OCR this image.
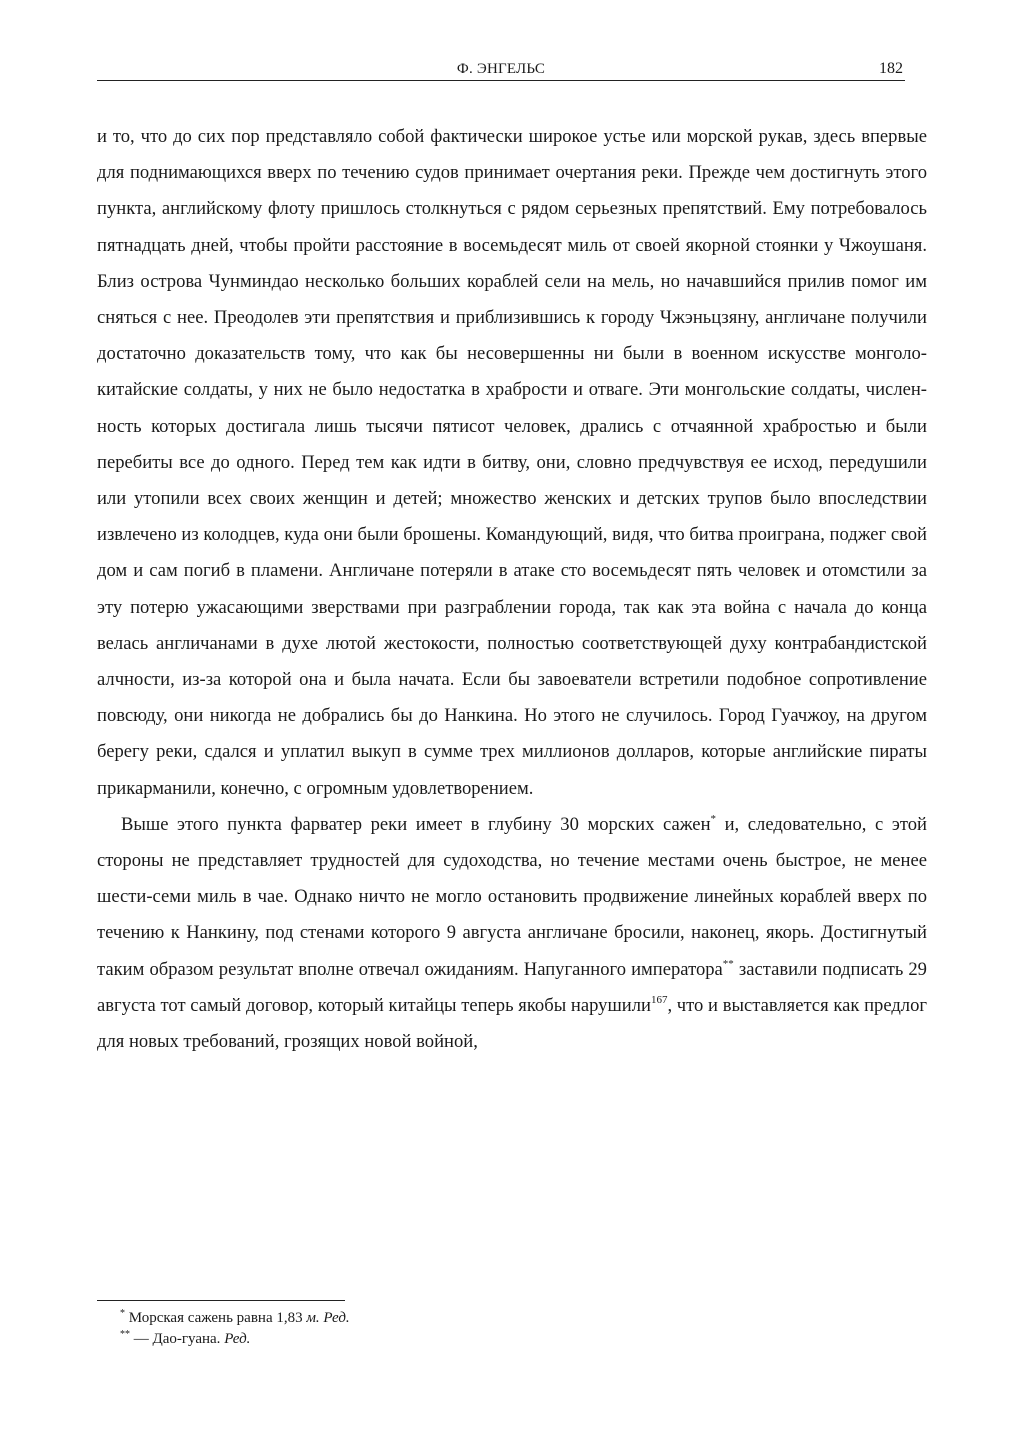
Ф. ЭНГЕЛЬС	182

и то, что до сих пор представляло собой фактически широкое устье или морской рукав, здесь впервые для поднимающихся вверх по течению судов принимает очертания реки. Прежде чем достигнуть этого пункта, английскому флоту пришлось столкнуться с рядом серьезных препятствий. Ему потребовалось пятнадцать дней, чтобы пройти расстояние в восемьдесят миль от своей якорной стоянки у Чжоушаня. Близ острова Чунминдао несколько больших кораблей сели на мель, но начавшийся прилив помог им сняться с нее. Преодолев эти препятствия и приблизившись к городу Чжэньцзяну, англичане получили достаточно доказательств тому, что как бы несовершенны ни были в военном искусстве монголо-китайские солдаты, у них не было недостатка в храбрости и отваге. Эти монгольские солдаты, численность которых достигала лишь тысячи пятисот человек, дрались с отчаянной храбростью и были перебиты все до одного. Перед тем как идти в битву, они, словно предчувствуя ее исход, передушили или утопили всех своих женщин и детей; множество женских и детских трупов было впоследствии извлечено из колодцев, куда они были брошены. Командующий, видя, что битва проиграна, поджег свой дом и сам погиб в пламени. Англичане потеряли в атаке сто восемьдесят пять человек и отомстили за эту потерю ужасающими зверствами при разграблении города, так как эта война с начала до конца велась англичанами в духе лютой жестокости, полностью соответствующей духу контрабандистской алчности, из-за которой она и была начата. Если бы завоеватели встретили подобное сопротивление повсюду, они никогда не добрались бы до Нанкина. Но этого не случилось. Город Гуачжоу, на другом берегу реки, сдался и уплатил выкуп в сумме трех миллионов долларов, которые английские пираты прикарманили, конечно, с огромным удовлетворением.

Выше этого пункта фарватер реки имеет в глубину 30 морских сажен* и, следовательно, с этой стороны не представляет трудностей для судоходства, но течение местами очень быстрое, не менее шести-семи миль в чае. Однако ничто не могло остановить продвижение линейных кораблей вверх по течению к Нанкину, под стенами которого 9 августа англичане бросили, наконец, якорь. Достигнутый таким образом результат вполне отвечал ожиданиям. Напуганного императора** заставили подписать 29 августа тот самый договор, который китайцы теперь якобы нарушили$^{167}$, что и выставляется как предлог для новых требований, грозящих новой войной,

* Морская сажень равна 1,83 м. Ред.
** — Дао-гуана. Ред.
